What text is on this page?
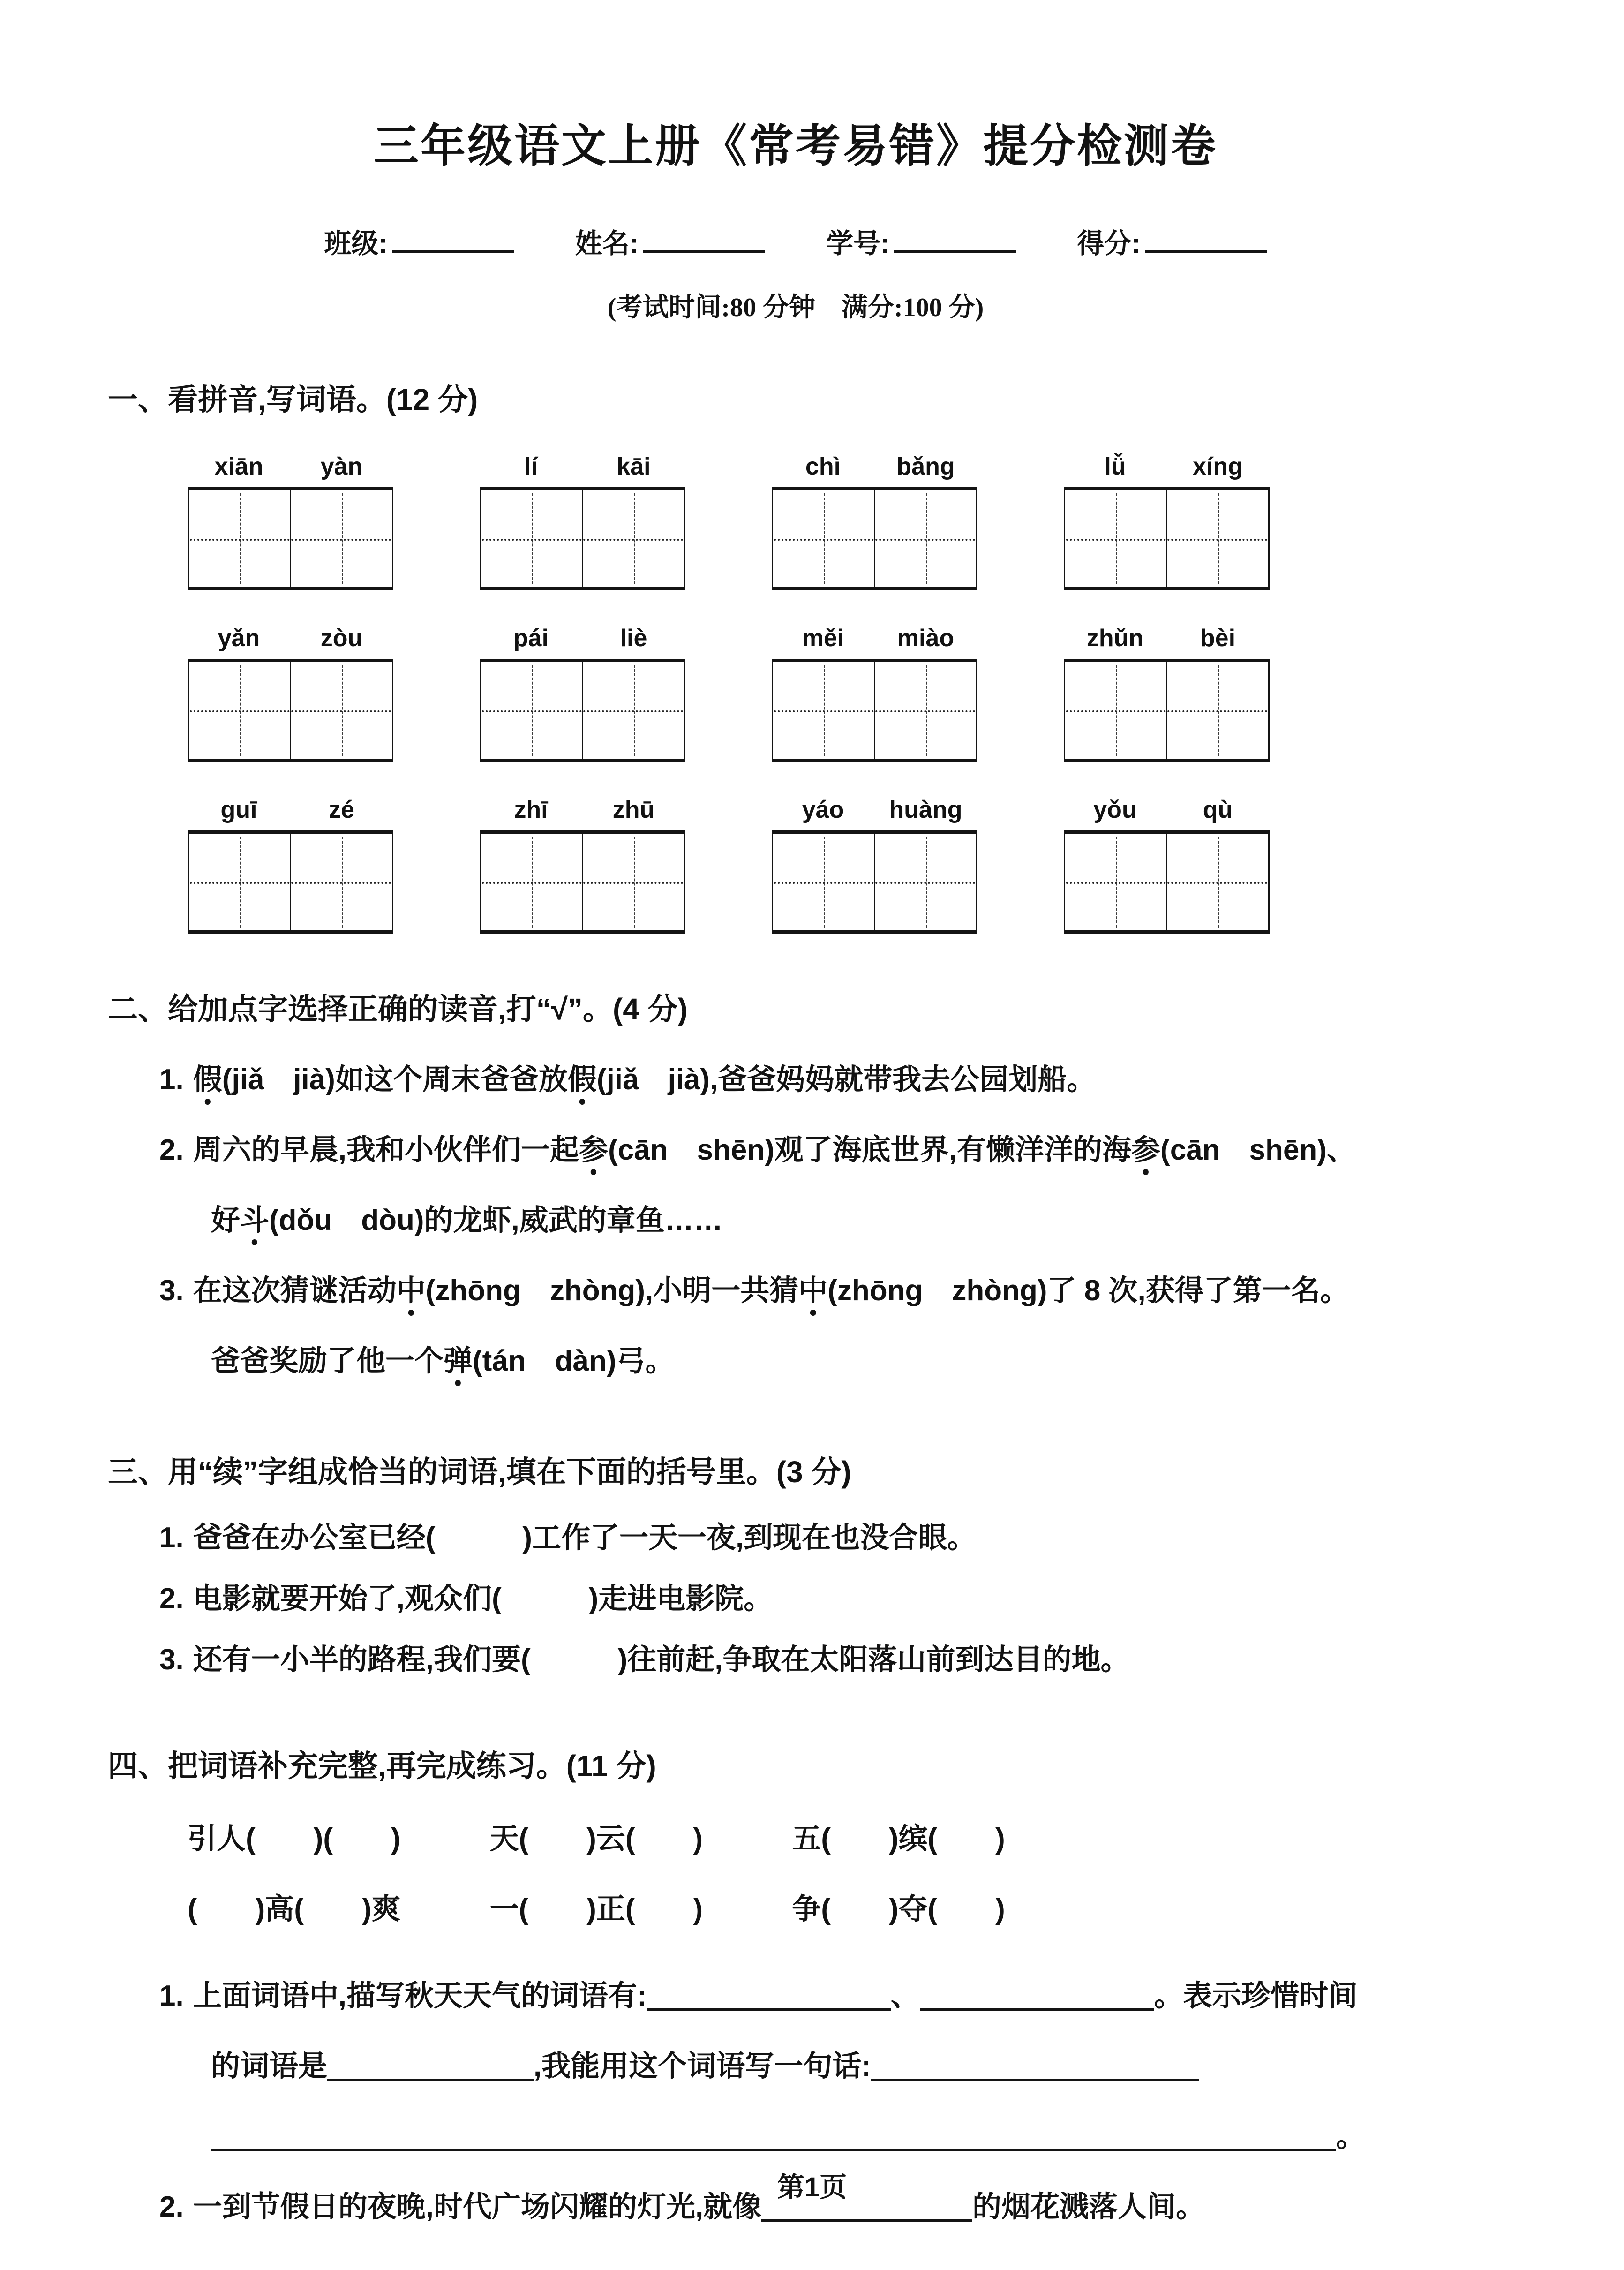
三年级语文上册《常考易错》提分检测卷
班级:	姓名:	学号:	得分:
(考试时间:80 分钟　满分:100 分)
一、看拼音,写词语。(12 分)
xiān	yàn	lí	kāi	chì	bǎng	lǚ	xíng
yǎn	zòu	pái	liè	měi	miào	zhǔn	bèi
guī	zé	zhī	zhū	yáo	huàng	yǒu	qù
二、给加点字选择正确的读音,打“√”。(4 分)
1. 假(jiǎ　jià)如这个周末爸爸放假(jiǎ　jià),爸爸妈妈就带我去公园划船。
2. 周六的早晨,我和小伙伴们一起参(cān　shēn)观了海底世界,有懒洋洋的海参(cān　shēn)、好斗(dǒu　dòu)的龙虾,威武的章鱼……
3. 在这次猜谜活动中(zhōng　zhòng),小明一共猜中(zhōng　zhòng)了 8 次,获得了第一名。爸爸奖励了他一个弹(tán　dàn)弓。
三、用“续”字组成恰当的词语,填在下面的括号里。(3 分)
1. 爸爸在办公室已经(　　　)工作了一天一夜,到现在也没合眼。
2. 电影就要开始了,观众们(　　　)走进电影院。
3. 还有一小半的路程,我们要(　　　)往前赶,争取在太阳落山前到达目的地。
四、把词语补充完整,再完成练习。(11 分)
引人(　　)(　　)	天(　　)云(　　)	五(　　)缤(　　)
(　　)高(　　)爽	一(　　)正(　　)	争(　　)夺(　　)
1. 上面词语中,描写秋天天气的词语有:	、	。表示珍惜时间的词语是	,我能用这个词语写一句话:。
2. 一到节假日的夜晚,时代广场闪耀的灯光,就像	的烟花溅落人间。
第1页
